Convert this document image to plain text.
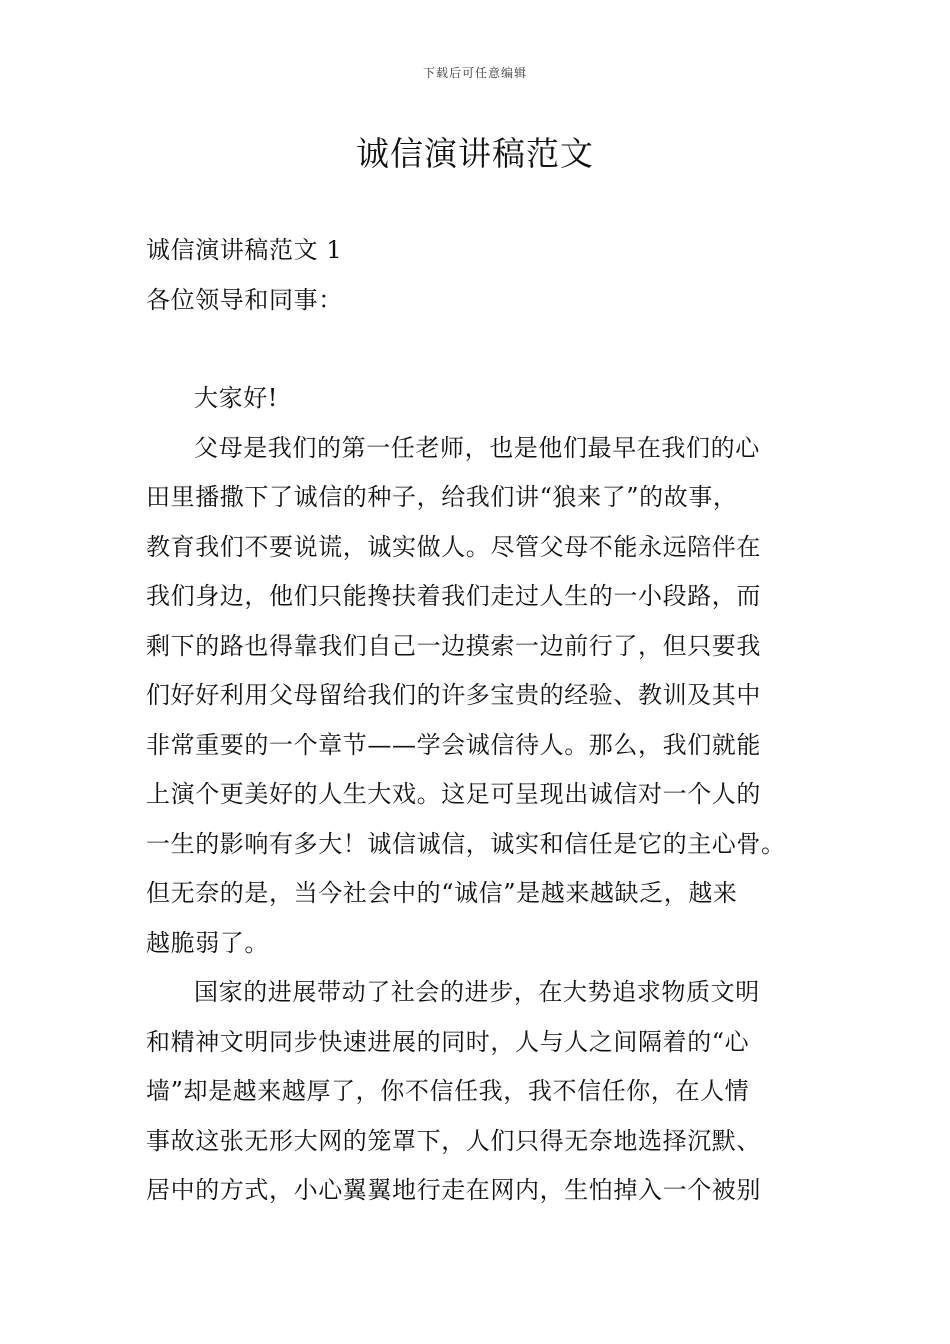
下载后可任意编辑
诚信演讲稿范文
诚信演讲稿范文 1
各位领导和同事：
大家好!
父母是我们的第一任老师，也是他们最早在我们的心
田里播撒下了诚信的种子，给我们讲“狼来了”的故事，
教育我们不要说谎，诚实做人。尽管父母不能永远陪伴在
我们身边，他们只能搀扶着我们走过人生的一小段路，而
剩下的路也得靠我们自己一边摸索一边前行了，但只要我
们好好利用父母留给我们的许多宝贵的经验、教训及其中
非常重要的一个章节——学会诚信待人。那么，我们就能
上演个更美好的人生大戏。这足可呈现出诚信对一个人的
一生的影响有多大！诚信诚信，诚实和信任是它的主心骨。
但无奈的是，当今社会中的“诚信”是越来越缺乏，越来
越脆弱了。
国家的进展带动了社会的进步，在大势追求物质文明
和精神文明同步快速进展的同时，人与人之间隔着的“心
墙”却是越来越厚了，你不信任我，我不信任你，在人情
事故这张无形大网的笼罩下，人们只得无奈地选择沉默、
居中的方式，小心翼翼地行走在网内，生怕掉入一个被别
